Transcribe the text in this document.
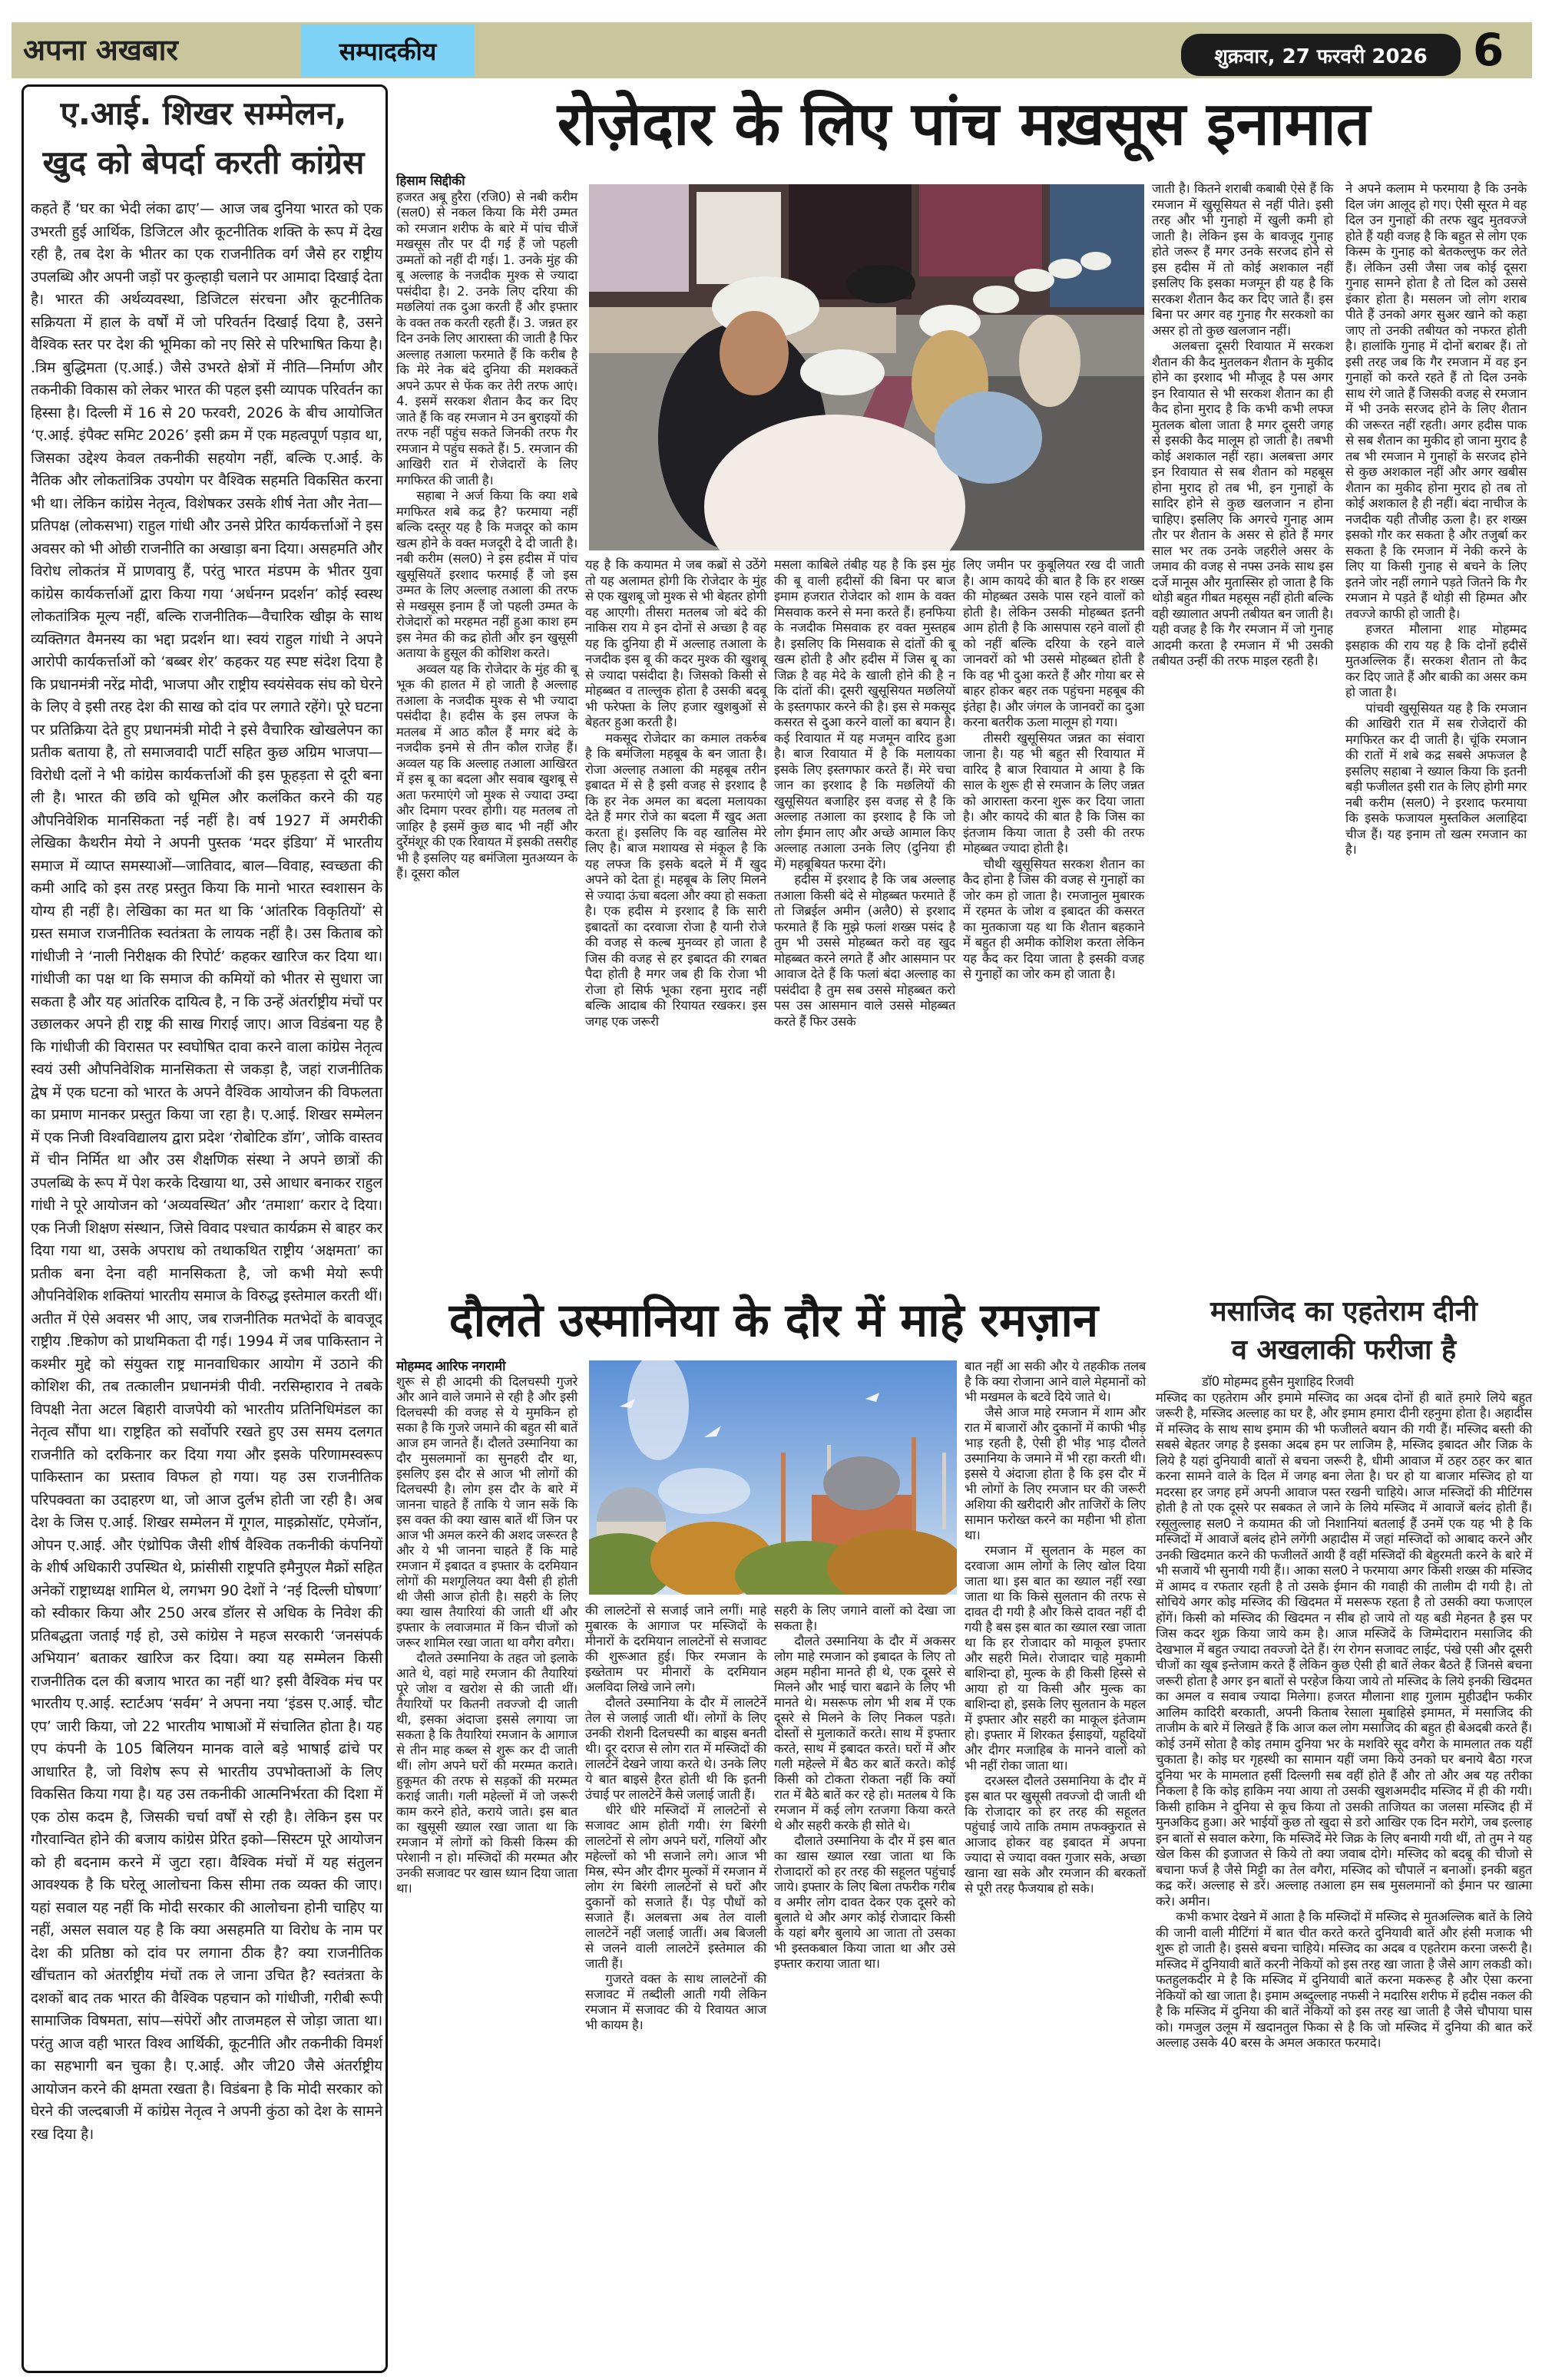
अपना अखबार	सम्पादकीय	शुक्रवार, 27 फरवरी 2026 6
ए.आई. शिखर सम्मेलन,
खुद को बेपर्दा करती कांग्रेस

कहते हैं ‘घर का भेदी लंका ढाए’— आज जब दुनिया भारत को एक उभरती हुई आर्थिक, डिजिटल और कूटनीतिक शक्ति के रूप में देख रही है, तब देश के भीतर का एक राजनीतिक वर्ग जैसे हर राष्ट्रीय उपलब्धि और अपनी जड़ों पर कुल्हाड़ी चलाने पर आमादा दिखाई देता है। भारत की अर्थव्यवस्था, डिजिटल संरचना और कूटनीतिक सक्रियता में हाल के वर्षों में जो परिवर्तन दिखाई दिया है, उसने वैश्विक स्तर पर देश की भूमिका को नए सिरे से परिभाषित किया है। .त्रिम बुद्धिमता (ए.आई.) जैसे उभरते क्षेत्रों में नीति—निर्माण और तकनीकी विकास को लेकर भारत की पहल इसी व्यापक परिवर्तन का हिस्सा है। दिल्ली में 16 से 20 फरवरी, 2026 के बीच आयोजित ‘ए.आई. इंपैक्ट समिट 2026’ इसी क्रम में एक महत्वपूर्ण पड़ाव था, जिसका उद्देश्य केवल तकनीकी सहयोग नहीं, बल्कि ए.आई. के नैतिक और लोकतांत्रिक उपयोग पर वैश्विक सहमति विकसित करना भी था। लेकिन कांग्रेस नेतृत्व, विशेषकर उसके शीर्ष नेता और नेता—प्रतिपक्ष (लोकसभा) राहुल गांधी और उनसे प्रेरित कार्यकर्त्ताओं ने इस अवसर को भी ओछी राजनीति का अखाड़ा बना दिया। असहमति और विरोध लोकतंत्र में प्राणवायु हैं, परंतु भारत मंडपम के भीतर युवा कांग्रेस कार्यकर्त्ताओं द्वारा किया गया ‘अर्धनग्न प्रदर्शन’ कोई स्वस्थ लोकतांत्रिक मूल्य नहीं, बल्कि राजनीतिक—वैचारिक खीझ के साथ व्यक्तिगत वैमनस्य का भद्दा प्रदर्शन था। स्वयं राहुल गांधी ने अपने आरोपी कार्यकर्त्ताओं को ‘बब्बर शेर’ कहकर यह स्पष्ट संदेश दिया है कि प्रधानमंत्री नरेंद्र मोदी, भाजपा और राष्ट्रीय स्वयंसेवक संघ को घेरने के लिए वे इसी तरह देश की साख को दांव पर लगाते रहेंगे। पूरे घटना पर प्रतिक्रिया देते हुए प्रधानमंत्री मोदी ने इसे वैचारिक खोखलेपन का प्रतीक बताया है, तो समाजवादी पार्टी सहित कुछ अग्रिम भाजपा—विरोधी दलों ने भी कांग्रेस कार्यकर्त्ताओं की इस फूहड़ता से दूरी बना ली है। भारत की छवि को धूमिल और कलंकित करने की यह औपनिवेशिक मानसिकता नई नहीं है। वर्ष 1927 में अमरीकी लेखिका कैथरीन मेयो ने अपनी पुस्तक ‘मदर इंडिया’ में भारतीय समाज में व्याप्त समस्याओं—जातिवाद, बाल—विवाह, स्वच्छता की कमी आदि को इस तरह प्रस्तुत किया कि मानो भारत स्वशासन के योग्य ही नहीं है। लेखिका का मत था कि ‘आंतरिक विकृतियों’ से ग्रस्त समाज राजनीतिक स्वतंत्रता के लायक नहीं है। उस किताब को गांधीजी ने ‘नाली निरीक्षक की रिपोर्ट’ कहकर खारिज कर दिया था। गांधीजी का पक्ष था कि समाज की कमियों को भीतर से सुधारा जा सकता है और यह आंतरिक दायित्व है, न कि उन्हें अंतर्राष्ट्रीय मंचों पर उछालकर अपने ही राष्ट्र की साख गिराई जाए। आज विडंबना यह है कि गांधीजी की विरासत पर स्वघोषित दावा करने वाला कांग्रेस नेतृत्व स्वयं उसी औपनिवेशिक मानसिकता से जकड़ा है, जहां राजनीतिक द्वेष में एक घटना को भारत के अपने वैश्विक आयोजन की विफलता का प्रमाण मानकर प्रस्तुत किया जा रहा है। ए.आई. शिखर सम्मेलन में एक निजी विश्वविद्यालय द्वारा प्रदेश ‘रोबोटिक डॉग’, जोकि वास्तव में चीन निर्मित था और उस शैक्षणिक संस्था ने अपने छात्रों की उपलब्धि के रूप में पेश करके दिखाया था, उसे आधार बनाकर राहुल गांधी ने पूरे आयोजन को ‘अव्यवस्थित’ और ‘तमाशा’ करार दे दिया। एक निजी शिक्षण संस्थान, जिसे विवाद पश्चात कार्यक्रम से बाहर कर दिया गया था, उसके अपराध को तथाकथित राष्ट्रीय ‘अक्षमता’ का प्रतीक बना देना वही मानसिकता है, जो कभी मेयो रूपी औपनिवेशिक शक्तियां भारतीय समाज के विरुद्ध इस्तेमाल करती थीं। अतीत में ऐसे अवसर भी आए, जब राजनीतिक मतभेदों के बावजूद राष्ट्रीय .ष्टिकोण को प्राथमिकता दी गई। 1994 में जब पाकिस्तान ने कश्मीर मुद्दे को संयुक्त राष्ट्र मानवाधिकार आयोग में उठाने की कोशिश की, तब तत्कालीन प्रधानमंत्री पीवी. नरसिम्हाराव ने तबके विपक्षी नेता अटल बिहारी वाजपेयी को भारतीय प्रतिनिधिमंडल का नेतृत्व सौंपा था। राष्ट्रहित को सर्वोपरि रखते हुए उस समय दलगत राजनीति को दरकिनार कर दिया गया और इसके परिणामस्वरूप पाकिस्तान का प्रस्ताव विफल हो गया। यह उस राजनीतिक परिपक्वता का उदाहरण था, जो आज दुर्लभ होती जा रही है। अब देश के जिस ए.आई. शिखर सम्मेलन में गूगल, माइक्रोसॉट, एमेजॉन, ओपन ए.आई. और एंथ्रोपिक जैसी शीर्ष वैश्विक तकनीकी कंपनियों के शीर्ष अधिकारी उपस्थित थे, फ्रांसीसी राष्ट्रपति इमैनुएल मैक्रों सहित अनेकों राष्ट्राध्यक्ष शामिल थे, लगभग 90 देशों ने ‘नई दिल्ली घोषणा’ को स्वीकार किया और 250 अरब डॉलर से अधिक के निवेश की प्रतिबद्धता जताई गई हो, उसे कांग्रेस ने महज सरकारी ‘जनसंपर्क अभियान’ बताकर खारिज कर दिया। क्या यह सम्मेलन किसी राजनीतिक दल की बजाय भारत का नहीं था? इसी वैश्विक मंच पर भारतीय ए.आई. स्टार्टअप ‘सर्वम’ ने अपना नया ‘इंडस ए.आई. चौट एप’ जारी किया, जो 22 भारतीय भाषाओं में संचालित होता है। यह एप कंपनी के 105 बिलियन मानक वाले बड़े भाषाई ढांचे पर आधारित है, जो विशेष रूप से भारतीय उपभोक्ताओं के लिए विकसित किया गया है। यह उस तकनीकी आत्मनिर्भरता की दिशा में एक ठोस कदम है, जिसकी चर्चा वर्षों से रही है। लेकिन इस पर गौरवान्वित होने की बजाय कांग्रेस प्रेरित इको—सिस्टम पूरे आयोजन को ही बदनाम करने में जुटा रहा। वैश्विक मंचों में यह संतुलन आवश्यक है कि घरेलू आलोचना किस सीमा तक व्यक्त की जाए। यहां सवाल यह नहीं कि मोदी सरकार की आलोचना होनी चाहिए या नहीं, असल सवाल यह है कि क्या असहमति या विरोध के नाम पर देश की प्रतिष्ठा को दांव पर लगाना ठीक है? क्या राजनीतिक खींचतान को अंतर्राष्ट्रीय मंचों तक ले जाना उचित है? स्वतंत्रता के दशकों बाद तक भारत की वैश्विक पहचान को गांधीजी, गरीबी रूपी सामाजिक विषमता, सांप—संपेरों और ताजमहल से जोड़ा जाता था। परंतु आज वही भारत विश्व आर्थिकी, कूटनीति और तकनीकी विमर्श का सहभागी बन चुका है। ए.आई. और जी20 जैसे अंतर्राष्ट्रीय आयोजन करने की क्षमता रखता है। विडंबना है कि मोदी सरकार को घेरने की जल्दबाजी में कांग्रेस नेतृत्व ने अपनी कुंठा को देश के सामने रख दिया है।

रोज़ेदार के लिए पांच मख़सूस इनामात
हिसाम सिद्दीकी

हजरत अबू हुरैरा (रजि0) से नबी करीम (सल0) से नकल किया कि मेरी उम्मत को रमजान शरीफ के बारे में पांच चीजें मखसूस तौर पर दी गई हैं जो पहली उम्मतों को नहीं दी गई। 1. उनके मुंह की बू अल्लाह के नजदीक मुश्क से ज्यादा पसंदीदा है। 2. उनके लिए दरिया की मछलियां तक दुआ करती हैं और इफ्तार के वक्त तक करती रहती हैं। 3. जन्नत हर दिन उनके लिए आरास्ता की जाती है फिर अल्लाह तआला फरमाते हैं कि करीब है कि मेरे नेक बंदे दुनिया की मशक्कतें अपने ऊपर से फेंक कर तेरी तरफ आएं। 4. इसमें सरकश शैतान कैद कर दिए जाते हैं कि वह रमजान मे उन बुराइयों की तरफ नहीं पहुंच सकते जिनकी तरफ गैर रमजान मे पहुंच सकते हैं। 5. रमजान की आखिरी रात में रोजेदारों के लिए मगफिरत की जाती है।

सहाबा ने अर्ज किया कि क्या शबे मगफिरत शबे कद्र है? फरमाया नहीं बल्कि दस्तूर यह है कि मजदूर को काम खत्म होने के वक्त मजदूरी दे दी जाती है। नबी करीम (सल0) ने इस हदीस में पांच खुसूसियतें इरशाद फरमाई हैं जो इस उम्मत के लिए अल्लाह तआला की तरफ से मखसूस इनाम हैं जो पहली उम्मत के रोजेदारों को मरहमत नहीं हुआ काश हम इस नेमत की कद्र होती और इन खुसूसी अताया के हुसूल की कोशिश करते।

अव्वल यह कि रोजेदार के मुंह की बू भूक की हालत में हो जाती है अल्लाह तआला के नजदीक मुश्क से भी ज्यादा पसंदीदा है। हदीस के इस लफ्ज के मतलब में आठ कौल हैं मगर बंदे के नजदीक इनमे से तीन कौल राजेह हैं। अव्वल यह कि अल्लाह तआला आखिरत में इस बू का बदला और सवाब खुशबू से अता फरमाएंगे जो मुश्क से ज्यादा उम्दा और दिमाग परवर होगी। यह मतलब तो जाहिर है इसमें कुछ बाद भी नहीं और दुर्रेमंशूर की एक रिवायत में इसकी तसरीह भी है इसलिए यह बमंजिला मुतअय्यन के हैं। दूसरा कौल

यह है कि कयामत मे जब कब्रों से उठेंगे तो यह अलामत होगी कि रोजेदार के मुंह से एक खुशबू जो मुश्क से भी बेहतर होगी वह आएगी। तीसरा मतलब जो बंदे की नाकिस राय मे इन दोनों से अच्छा है वह यह कि दुनिया ही में अल्लाह तआला के नजदीक इस बू की कदर मुश्क की खुशबू से ज्यादा पसंदीदा है। जिसको किसी से मोहब्बत व ताल्लुक होता है उसकी बदबू भी फरेफ्ता के लिए हजार खुशबुओं से बेहतर हुआ करती है।

मकसूद रोजेदार का कमाल तकर्रुब है कि बमंजिला महबूब के बन जाता है। रोजा अल्लाह तआला की महबूब तरीन इबादत में से है इसी वजह से इरशाद है कि हर नेक अमल का बदला मलायका देते हैं मगर रोजे का बदला मैं खुद अता करता हूं। इसलिए कि वह खालिस मेरे लिए है। बाज मशायख से मंकूल है कि यह लफ्ज कि इसके बदले में मैं खुद अपने को देता हूं। महबूब के लिए मिलने से ज्यादा ऊंचा बदला और क्या हो सकता है। एक हदीस मे इरशाद है कि सारी इबादतों का दरवाजा रोजा है यानी रोजे की वजह से कल्ब मुनव्वर हो जाता है जिस की वजह से हर इबादत की रगबत पैदा होती है मगर जब ही कि रोजा भी रोजा हो सिर्फ भूका रहना मुराद नहीं बल्कि आदाब की रियायत रखकर। इस जगह एक जरूरी

मसला काबिले तंबीह यह है कि इस मुंह की बू वाली हदीसों की बिना पर बाज इमाम हजरात रोजेदार को शाम के वक्त मिसवाक करने से मना करते हैं। हनफिया के नजदीक मिसवाक हर वक्त मुस्तहब है। इसलिए कि मिसवाक से दांतों की बू खत्म होती है और हदीस में जिस बू का जिक्र है वह मेदे के खाली होने की है न कि दांतों की। दूसरी खुसूसियत मछलियों के इस्तगफार करने की है। इस से मकसूद कसरत से दुआ करने वालों का बयान है। कई रिवायात में यह मजमून वारिद हुआ है। बाज रिवायात में है कि मलायका इसके लिए इस्तगफार करते हैं। मेरे चचा जान का इरशाद है कि मछलियों की खुसूसियत बजाहिर इस वजह से है कि अल्लाह तआला का इरशाद है कि जो लोग ईमान लाए और अच्छे आमाल किए अल्लाह तआला उनके लिए (दुनिया ही में) महबूबियत फरमा देंगे।

हदीस में इरशाद है कि जब अल्लाह तआला किसी बंदे से मोहब्बत फरमाते हैं तो जिब्रईल अमीन (अलै0) से इरशाद फरमाते हैं कि मुझे फलां शख्स पसंद है तुम भी उससे मोहब्बत करो वह खुद मोहब्बत करने लगते हैं और आसमान पर आवाज देते हैं कि फलां बंदा अल्लाह का पसंदीदा है तुम सब उससे मोहब्बत करो पस उस आसमान वाले उससे मोहब्बत करते हैं फिर उसके

लिए जमीन पर कुबूलियत रख दी जाती है। आम कायदे की बात है कि हर शख्स की मोहब्बत उसके पास रहने वालों को होती है। लेकिन उसकी मोहब्बत इतनी आम होती है कि आसपास रहने वालों ही को नहीं बल्कि दरिया के रहने वाले जानवरों को भी उससे मोहब्बत होती है कि वह भी दुआ करते हैं और गोया बर से बाहर होकर बहर तक पहुंचना महबूब की इंतेहा है। और जंगल के जानवरों का दुआ करना बतरीक ऊला मालूम हो गया।

तीसरी खुसूसियत जन्नत का संवारा जाना है। यह भी बहुत सी रिवायात में वारिद है बाज रिवायात मे आया है कि साल के शुरू ही से रमजान के लिए जन्नत को आरास्ता करना शुरू कर दिया जाता है। और कायदे की बात है कि जिस का इंतजाम किया जाता है उसी की तरफ मोहब्बत ज्यादा होती है।

चौथी खुसूसियत सरकश शैतान का कैद होना है जिस की वजह से गुनाहों का जोर कम हो जाता है। रमजानुल मुबारक में रहमत के जोश व इबादत की कसरत का मुतकाजा यह था कि शैतान बहकाने में बहुत ही अमीक कोशिश करता लेकिन यह कैद कर दिया जाता है इसकी वजह से गुनाहों का जोर कम हो जाता है।

जाती है। कितने शराबी कबाबी ऐसे हैं कि रमजान में खुसूसियत से नहीं पीते। इसी तरह और भी गुनाहो में खुली कमी हो जाती है। लेकिन इस के बावजूद गुनाह होते जरूर हैं मगर उनके सरजद होने से इस हदीस में तो कोई अशकाल नहीं इसलिए कि इसका मजमून ही यह है कि सरकश शैतान कैद कर दिए जाते हैं। इस बिना पर अगर वह गुनाह गैर सरकशो का असर हो तो कुछ खलजान नहीं।

अलबत्ता दूसरी रिवायात में सरकश शैतान की कैद मुतलकन शैतान के मुकीद होने का इरशाद भी मौजूद है पस अगर इन रिवायात से भी सरकश शैतान का ही कैद होना मुराद है कि कभी कभी लफ्ज मुतलक बोला जाता है मगर दूसरी जगह से इसकी कैद मालूम हो जाती है। तबभी कोई अशकाल नहीं रहा। अलबत्ता अगर इन रिवायात से सब शैतान को महबूस होना मुराद हो तब भी, इन गुनाहों के सादिर होने से कुछ खलजान न होना चाहिए। इसलिए कि अगरचे गुनाह आम तौर पर शैतान के असर से होते हैं मगर साल भर तक उनके जहरीले असर के जमाव की वजह से नफ्स उनके साथ इस दर्जे मानूस और मुतास्सिर हो जाता है कि थोड़ी बहुत गीबत महसूस नहीं होती बल्कि वही ख्यालात अपनी तबीयत बन जाती है। यही वजह है कि गैर रमजान में जो गुनाह आदमी करता है रमजान में भी उसकी तबीयत उन्हीं की तरफ माइल रहती है।

ने अपने कलाम मे फरमाया है कि उनके दिल जंग आलूद हो गए। ऐसी सूरत मे वह दिल उन गुनाहों की तरफ खुद मुतवज्जे होते हैं यही वजह है कि बहुत से लोग एक किस्म के गुनाह को बेतकल्लुफ कर लेते हैं। लेकिन उसी जैसा जब कोई दूसरा गुनाह सामने होता है तो दिल को उससे इंकार होता है। मसलन जो लोग शराब पीते हैं उनको अगर सुअर खाने को कहा जाए तो उनकी तबीयत को नफरत होती है। हालांकि गुनाह में दोनों बराबर हैं। तो इसी तरह जब कि गैर रमजान में वह इन गुनाहों को करते रहते हैं तो दिल उनके साथ रंगे जाते हैं जिसकी वजह से रमजान में भी उनके सरजद होने के लिए शैतान की जरूरत नहीं रहती। अगर हदीस पाक से सब शैतान का मुकीद हो जाना मुराद है तब भी रमजान मे गुनाहों के सरजद होने से कुछ अशकाल नहीं और अगर खबीस शैतान का मुकीद होना मुराद हो तब तो कोई अशकाल है ही नहीं। बंदा नाचीज के नजदीक यही तौजीह ऊला है। हर शख्स इसको गौर कर सकता है और तजुर्बा कर सकता है कि रमजान में नेकी करने के लिए या किसी गुनाह से बचने के लिए इतने जोर नहीं लगाने पड़ते जितने कि गैर रमजान मे पड़ते हैं थोड़ी सी हिम्मत और तवज्जे काफी हो जाती है।

हजरत मौलाना शाह मोहम्मद इसहाक की राय यह है कि दोनों हदीसें मुतअल्लिक हैं। सरकश शैतान तो कैद कर दिए जाते हैं और बाकी का असर कम हो जाता है।

पांचवी खुसूसियत यह है कि रमजान की आखिरी रात में सब रोजेदारों की मगफिरत कर दी जाती है। चूंकि रमजान की रातों में शबे कद्र सबसे अफजल है इसलिए सहाबा ने ख्याल किया कि इतनी बड़ी फजीलत इसी रात के लिए होगी मगर नबी करीम (सल0) ने इरशाद फरमाया कि इसके फजायल मुस्तकिल अलाहिदा चीज हैं। यह इनाम तो खत्म रमजान का है।

दौलते उस्मानिया के दौर में माहे रमज़ान
मोहम्मद आरिफ नगरामी

शुरू से ही आदमी की दिलचस्पी गुजरे और आने वाले जमाने से रही है और इसी दिलचस्पी की वजह से ये मुमकिन हो सका है कि गुजरे जमाने की बहुत सी बातें आज हम जानते हैं। दौलते उस्मानिया का दौर मुसलमानों का सुनहरी दौर था, इसलिए इस दौर से आज भी लोगों की दिलचस्पी है। लोग इस दौर के बारे में जानना चाहते हैं ताकि ये जान सकें कि इस वक्त की क्या खास बातें थीं जिन पर आज भी अमल करने की अशद जरूरत है और ये भी जानना चाहते हैं कि माहे रमजान में इबादत व इफ्तार के दरमियान लोगों की मशगूलियत क्या वैसी ही होती थी जैसी आज होती है। सहरी के लिए क्या खास तैयारियां की जाती थीं और इफ्तार के लवाजमात में किन चीजों को जरूर शामिल रखा जाता था वगैरा वगैरा।

दौलते उस्मानिया के तहत जो इलाके आते थे, वहां माहे रमजान की तैयारियां पूरे जोश व खरोश से की जाती थीं। तैयारियों पर कितनी तवज्जो दी जाती थी, इसका अंदाजा इससे लगाया जा सकता है कि तैयारियां रमजान के आगाज से तीन माह कब्ल से शुरू कर दी जाती थीं। लोग अपने घरों की मरम्मत कराते। हुकूमत की तरफ से सड़कों की मरम्मत कराई जाती। गली महेल्लों में जो जरूरी काम करने होते, कराये जाते। इस बात का खुसूसी ख्याल रखा जाता था कि रमजान में लोगों को किसी किस्म की परेशानी न हो। मस्जिदों की मरम्मत और उनकी सजावट पर खास ध्यान दिया जाता था।

की लालटेनों से सजाई जाने लगीं। माहे मुबारक के आगाज पर मस्जिदों के मीनारों के दरमियान लालटेनों से सजावट की शुरूआत हुई। फिर रमजान के इख्तेताम पर मीनारों के दरमियान अलविदा लिखे जाने लगे।

दौलते उस्मानिया के दौर में लालटेनें तेल से जलाई जाती थीं। लोगों के लिए उनकी रोशनी दिलचस्पी का बाइस बनती थी। दूर दराज से लोग रात में मस्जिदों की लालटेनें देखने जाया करते थे। उनके लिए ये बात बाइसे हैरत होती थी कि इतनी उंचाई पर लालटेनें कैसे जलाई जाती हैं।

धीरे धीरे मस्जिदों में लालटेनों से सजावट आम होती गयी। रंग बिरंगी लालटेनों से लोग अपने घरों, गलियों और महेल्लों को भी सजाने लगे। आज भी मिस्र, स्पेन और दीगर मुल्कों में रमजान में लोग रंग बिरंगी लालटेनों से घरों और दुकानों को सजाते हैं। पेड़ पौधों को सजाते हैं। अलबत्ता अब तेल वाली लालटेनें नहीं जलाई जातीं। अब बिजली से जलने वाली लालटेनें इस्तेमाल की जाती हैं।

गुजरते वक्त के साथ लालटेनों की सजावट में तब्दीली आती गयी लेकिन रमजान में सजावट की ये रिवायत आज भी कायम है।

सहरी के लिए जगाने वालों को देखा जा सकता है।

दौलते उस्मानिया के दौर में अकसर लोग माहे रमजान को इबादत के लिए तो अहम महीना मानते ही थे, एक दूसरे से मिलने और भाई चारा बढाने के लिए भी मानते थे। मसरूफ लोग भी शब में एक दूसरे से मिलने के लिए निकल पड़ते। दोस्तों से मुलाकातें करते। साथ में इफ्तार करते, साथ में इबादत करते। घरों में और गली महेल्ले में बैठ कर बातें करते। कोई किसी को टोकता रोकता नहीं कि क्यों रात में बैठे बातें कर रहे हो। मतलब ये कि रमजान में कई लोग रतजगा किया करते थे और सहरी करके ही सोते थे।

दौलाते उस्मानिया के दौर में इस बात का खास ख्याल रखा जाता था कि रोजादारों को हर तरह की सहूलत पहुंचाई जाये। इफ्तार के लिए बिला तफरीक गरीब व अमीर लोग दावत देकर एक दूसरे को बुलाते थे और अगर कोई रोजादार किसी के यहां बगैर बुलाये आ जाता तो उसका भी इस्तकबाल किया जाता था और उसे इफ्तार कराया जाता था।

बात नहीं आ सकी और ये तहकीक तलब है कि क्या रोजाना आने वाले मेहमानों को भी मखमल के बटवे दिये जाते थे।

जैसे आज माहे रमजान में शाम और रात में बाजारों और दुकानों में काफी भीड़ भाड़ रहती है, ऐसी ही भीड़ भाड़ दौलते उस्मानिया के जमाने में भी रहा करती थी। इससे ये अंदाजा होता है कि इस दौर में भी लोगों के लिए रमजान घर की जरूरी अशिया की खरीदारी और ताजिरों के लिए सामान फरोख्त करने का महीना भी होता था।

रमजान में सुलतान के महल का दरवाजा आम लोगों के लिए खोल दिया जाता था। इस बात का ख्याल नहीं रखा जाता था कि किसे सुलतान की तरफ से दावत दी गयी है और किसे दावत नहीं दी गयी है बस इस बात का ख्याल रखा जाता था कि हर रोजादार को माकूल इफ्तार और सहरी मिले। रोजादार चाहे मुकामी बाशिन्दा हो, मुल्क के ही किसी हिस्से से आया हो या किसी और मुल्क का बाशिन्दा हो, इसके लिए सुलतान के महल में इफ्तार और सहरी का माकूल इंतेजाम हो। इफ्तार में शिरकत ईसाइयों, यहूदियों और दीगर मजाहिब के मानने वालों को भी नहीं रोका जाता था।

दरअस्ल दौलते उसमानिया के दौर में इस बात पर खुसूसी तवज्जो दी जाती थी कि रोजादार को हर तरह की सहूलत पहुंचाई जाये ताकि तमाम तफक्कुरात से आजाद होकर वह इबादत में अपना ज्यादा से ज्यादा वक्त गुजार सके, अच्छा खाना खा सके और रमजान की बरकतों से पूरी तरह फैजयाब हो सके।

मसाजिद का एहतेराम दीनी
व अखलाकी फरीजा है
डॉ0 मोहम्मद हुसैन मुशाहिद रिजवी

मस्जिद का एहतेराम और इमामे मस्जिद का अदब दोनों ही बातें हमारे लिये बहुत जरूरी है, मस्जिद अल्लाह का घर है, और इमाम हमारा दीनी रहनुमा होता है। अहादीस में मस्जिद के साथ साथ इमाम की भी फजीलते बयान की गयी हैं। मस्जिद बस्ती की सबसे बेहतर जगह है इसका अदब हम पर लाजिम है, मस्जिद इबादत और जिक्र के लिये है यहां दुनियावी बातों से बचना जरूरी है, धीमी आवाज में ठहर ठहर कर बात करना सामने वाले के दिल में जगह बना लेता है। घर हो या बाजार मस्जिद हो या मदरसा हर जगह हमें अपनी आवाज पस्त रखनी चाहिये। आज मस्जिदों की मीटिंगस होती है तो एक दूसरे पर सबकत ले जाने के लिये मस्जिद में आवाजें बलंद होती हैं। रसूलुल्लाह सल0 ने कयामत की जो निशानियां बतलाई हैं उनमें एक यह भी है कि मस्जिदों में आवाजें बलंद होने लगेंगी अहादीस में जहां मस्जिदों को आबाद करने और उनकी खिदमात करने की फजीलतें आयी हैं वहीं मस्जिदों की बेहुरमती करने के बारे में भी सजायें भी सुनायी गयी हैं।। आका सल0 ने फरमाया अगर किसी शख्स की मस्जिद में आमद व रफतार रहती है तो उसके ईमान की गवाही की तालीम दी गयी है। तो सोचिये अगर कोइ मस्जिद की खिदमत में मसरूफ रहता है तो उसकी क्या फजाएल होंगें। किसी को मस्जिद की खिदमत न सीब हो जाये तो यह बडी मेहनत है इस पर जिस कदर शुक्र किया जाये कम है। आज मस्जिदें के जिम्मेदारान मसाजिद की देखभाल में बहुत ज्यादा तवज्जो देते हैं। रंग रोगन सजावट लाईट, पंखे एसी और दूसरी चीजों का खूब इन्तेजाम करते हैं लेकिन कुछ ऐसी ही बातें लेकर बैठते हैं जिनसे बचना जरूरी होता है अगर इन बातों से परहेज किया जाये तो मस्जिद के लिये इनकी खिदमत का अमल व सवाब ज्यादा मिलेगा। हजरत मौलाना शाह गुलाम मुहीउद्दीन फकीर आलिम कादिरी बरकाती, अपनी किताब रेसाला मुबाहिसे इमामत, में मसाजिद की ताजीम के बारे में लिखते हैं कि आज कल लोग मसाजिद की बहुत ही बेअदबी करते हैं। कोई उनमें सोता है कोइ तमाम दुनिया भर के मशविरे सूद वगैरा के मामलात तक यहीं चुकाता है। कोइ घर गृहस्थी का सामान यहीं जमा किये उनको घर बनाये बैठा गरज दुनिया भर के मामलात हसीं दिल्लगी सब वहीं होते हैं और तो और अब यह तरीका निकला है कि कोइ हाकिम नया आया तो उसकी खुशअमदीद मस्जिद में ही की गयी। किसी हाकिम ने दुनिया से कूच किया तो उसकी ताजियत का जलसा मस्जिद ही में मुनअकिद हुआ। अरे भाईयों कुछ तो खुदा से डरो आखिर एक दिन मरोगे, जब इल्लाह इन बातों से सवाल करेगा, कि मस्जिदें मेरे जिक्र के लिए बनायी गयी थीं, तो तुम ने यह खेल किस की इजाजत से किये तो क्या जवाब दोगे। मस्जिद को बदबू की चीजो से बचाना फर्ज है जैसे मिट्टी का तेल वगैरा, मस्जिद को चौपालें न बनाओं। इनकी बहुत कद्र करें। अल्लाह से डरें। अल्लाह तआला हम सब मुसलमानों को ईमान पर खात्मा करे। अमीन।

कभी कभार देखने में आता है कि मस्जिदों में मस्जिद से मुतअल्लिक बातें के लिये की जानी वाली मीटिंगां में बात चीत करते करते दुनियावी बातें और हंसी मजाक भी शुरू हो जाती है। इससे बचना चाहिये। मस्जिद का अदब व एहतेराम करना जरूरी है। मस्जिद में दुनियावी बातें करनी नेकियों को इस तरह खा जाता है जैसे आग लकडी को। फतहुलकदीर मे है कि मस्जिद में दुनियावी बातें करना मकरूह है और ऐसा करना नेकियों को खा जाता है। इमाम अब्दुल्लाह नफसी ने मदारिस शरीफ में हदीस नकल की है कि मस्जिद में दुनिया की बातें नेकियों को इस तरह खा जाती है जैसे चौपाया घास को। गमजुल उलूम में खदानतुल फिका से है कि जो मस्जिद में दुनिया की बात करें अल्लाह उसके 40 बरस के अमल अकारत फरमादे।
